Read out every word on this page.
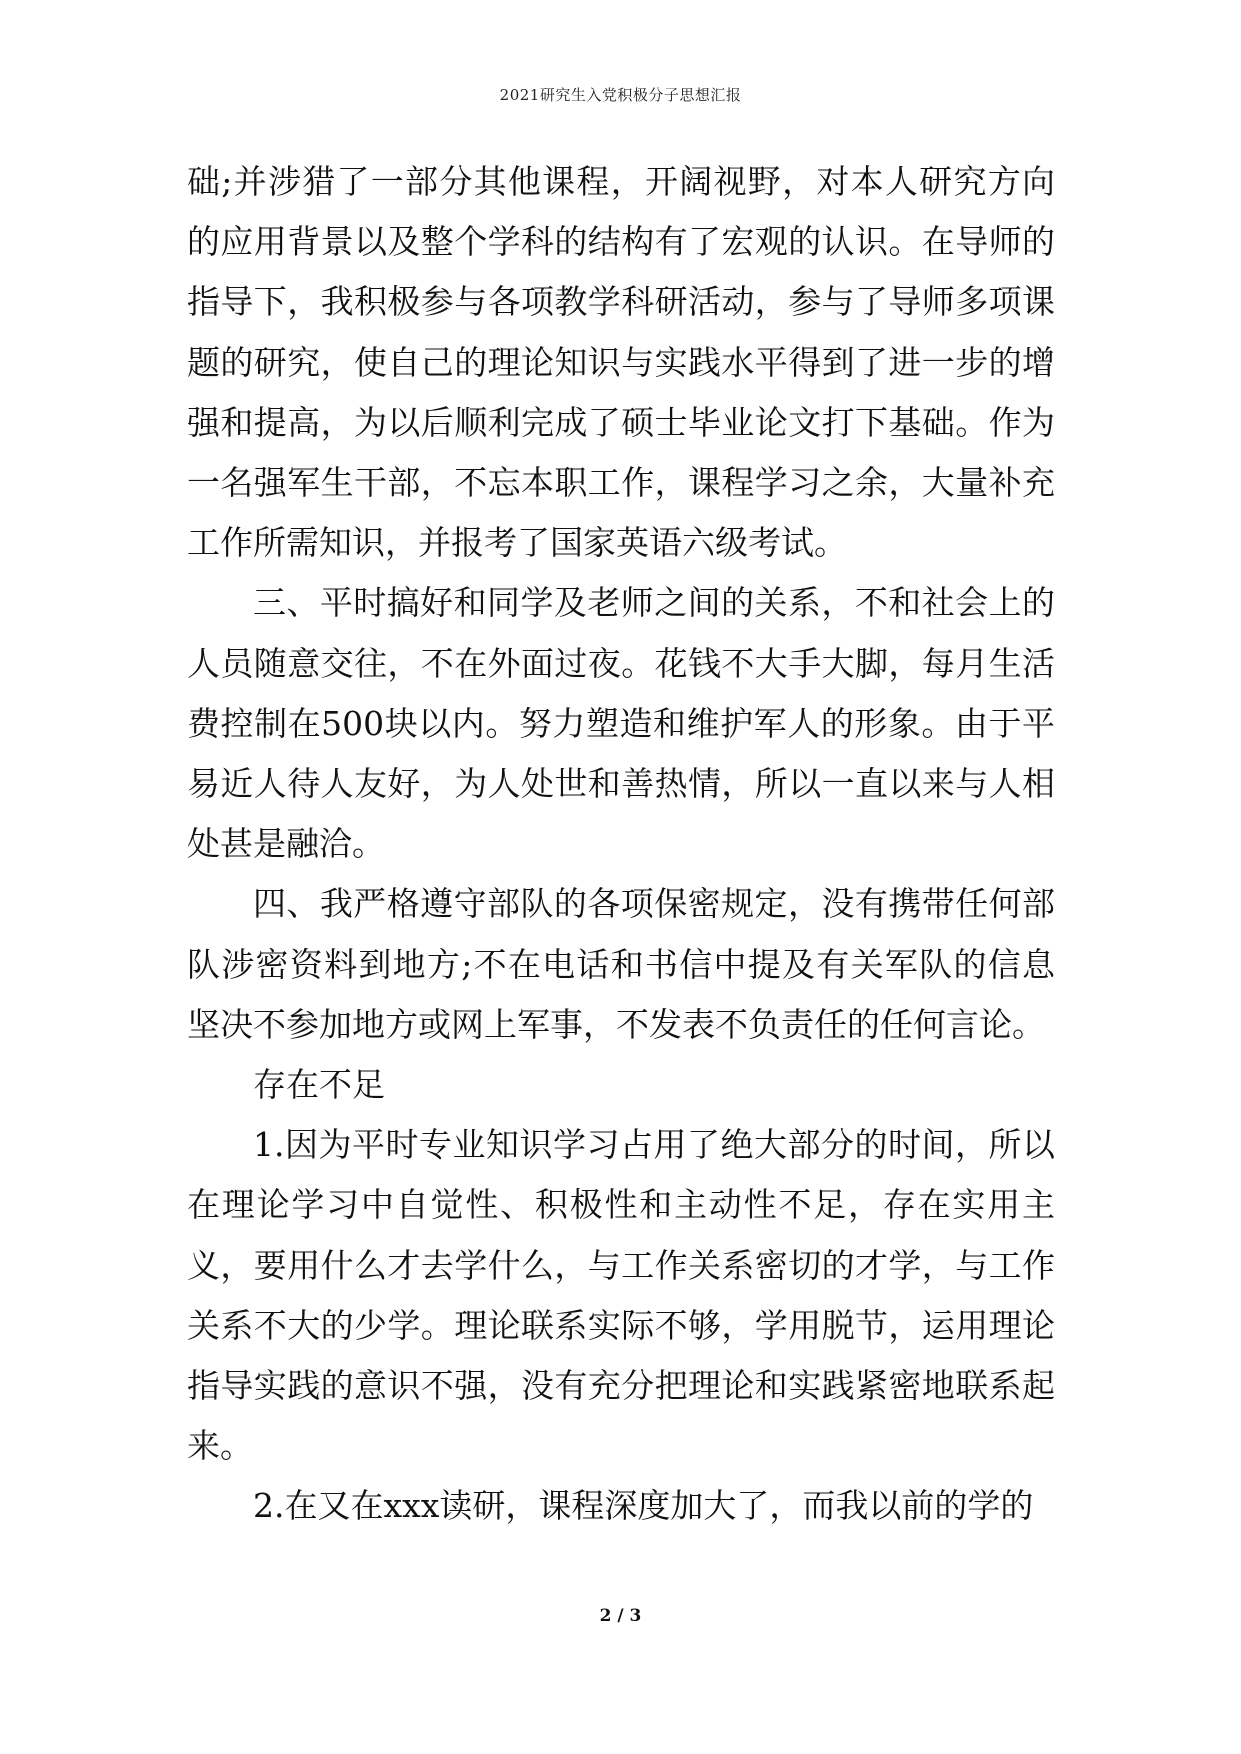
2021研究生入党积极分子思想汇报

础;并涉猎了一部分其他课程，开阔视野，对本人研究方向的应用背景以及整个学科的结构有了宏观的认识。在导师的指导下，我积极参与各项教学科研活动，参与了导师多项课题的研究，使自己的理论知识与实践水平得到了进一步的增强和提高，为以后顺利完成了硕士毕业论文打下基础。作为一名强军生干部，不忘本职工作，课程学习之余，大量补充工作所需知识，并报考了国家英语六级考试。

三、平时搞好和同学及老师之间的关系，不和社会上的人员随意交往，不在外面过夜。花钱不大手大脚，每月生活费控制在500块以内。努力塑造和维护军人的形象。由于平易近人待人友好，为人处世和善热情，所以一直以来与人相处甚是融洽。

四、我严格遵守部队的各项保密规定，没有携带任何部队涉密资料到地方;不在电话和书信中提及有关军队的信息坚决不参加地方或网上军事，不发表不负责任的任何言论。

存在不足

1.因为平时专业知识学习占用了绝大部分的时间，所以在理论学习中自觉性、积极性和主动性不足，存在实用主义，要用什么才去学什么，与工作关系密切的才学，与工作关系不大的少学。理论联系实际不够，学用脱节，运用理论指导实践的意识不强，没有充分把理论和实践紧密地联系起来。

2.在又在xxx读研，课程深度加大了，而我以前的学的

2 / 3
